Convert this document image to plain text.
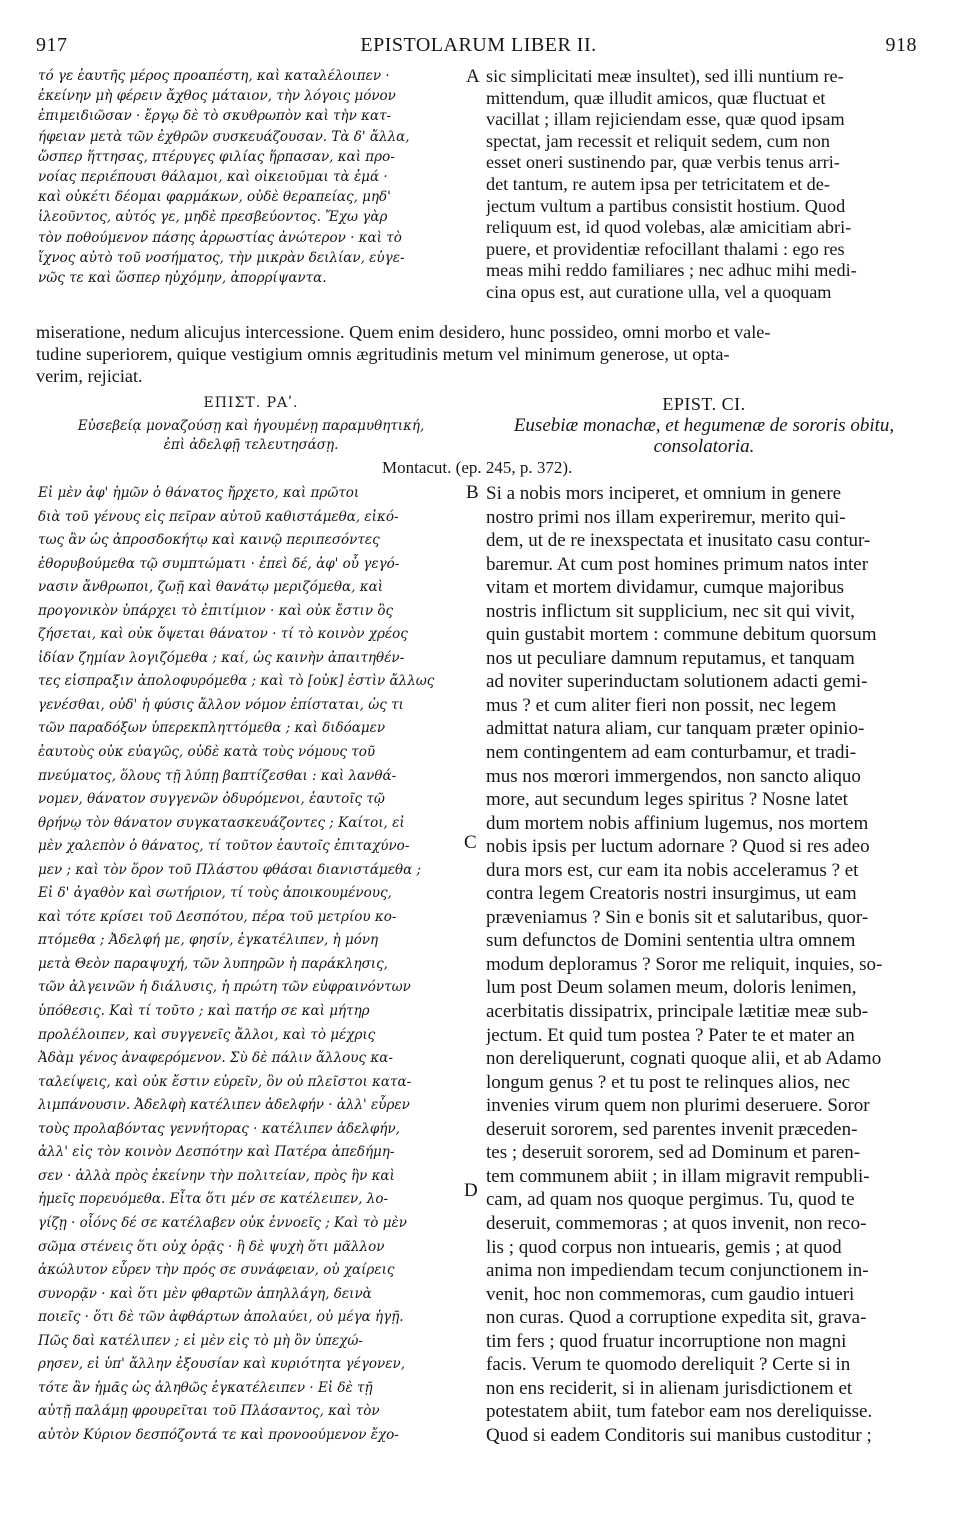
917	EPISTOLARUM LIBER II.	918
τό γε ἑαυτῆς μέρος προαπέστη, καὶ καταλέλοιπεν ·
ἐκείνην μὴ φέρειν ἄχθος μάταιον, τὴν λόγοις μόνον
ἐπιμειδιῶσαν · ἔργῳ δὲ τὸ σκυθρωπὸν καὶ τὴν κατ-
ήφειαν μετὰ τῶν ἐχθρῶν συσκευάζουσαν. Τὰ δ' ἄλλα,
ὥσπερ ἥττησας, πτέρυγες φιλίας ἥρπασαν, καὶ προ-
νοίας περιέπουσι θάλαμοι, καὶ οἰκειοῦμαι τὰ ἐμά ·
καὶ οὐκέτι δέομαι φαρμάκων, οὐδὲ θεραπείας, μηδ'
ἱλεοῦντος, αὐτός γε, μηδὲ πρεσβεύοντος. Ἔχω γὰρ
τὸν ποθούμενον πάσης ἀρρωστίας ἀνώτερον · καὶ τὸ
ἴχνος αὐτὸ τοῦ νοσήματος, τὴν μικρὰν δειλίαν, εὐγε-
νῶς τε καὶ ὥσπερ ηὐχόμην, ἀπορρίψαντα.
sic simplicitati meæ insultet), sed illi nuntium re-
mittendum, quæ illudit amicos, quæ fluctuat et
vacillat ; illam rejiciendam esse, quæ quod ipsam
spectat, jam recessit et reliquit sedem, cum non
esset oneri sustinendo par, quæ verbis tenus arri-
det tantum, re autem ipsa per tetricitatem et de-
jectum vultum a partibus consistit hostium. Quod
reliquum est, id quod volebas, alæ amicitiam abri-
puere, et providentiæ refocillant thalami : ego res
meas mihi reddo familiares ; nec adhuc mihi medi-
cina opus est, aut curatione ulla, vel a quoquam
A
miseratione, nedum alicujus intercessione. Quem enim desidero, hunc possideo, omni morbo et vale-
tudine superiorem, quique vestigium omnis ægritudinis metum vel minimum generose, ut opta-
verim, rejiciat.
ΕΠΙΣΤ. ΡΑʹ.	EPIST. CI.
Εὐσεβείᾳ μοναζούσῃ καὶ ἡγουμένῃ παραμυθητική,
ἐπὶ ἀδελφῇ τελευτησάσῃ.
Eusebiæ monachæ, et hegumenæ de sororis obitu,
consolatoria.
Montacut. (ep. 245, p. 372).
Εἰ μὲν ἀφ' ἡμῶν ὁ θάνατος ἤρχετο, καὶ πρῶτοι
διὰ τοῦ γένους εἰς πεῖραν αὐτοῦ καθιστάμεθα, εἰκό-
τως ἂν ὡς ἀπροσδοκήτῳ καὶ καινῷ περιπεσόντες
ἐθορυβούμεθα τῷ συμπτώματι · ἐπεὶ δέ, ἀφ' οὗ γεγό-
νασιν ἄνθρωποι, ζωῇ καὶ θανάτῳ μεριζόμεθα, καὶ
προγονικὸν ὑπάρχει τὸ ἐπιτίμιον · καὶ οὐκ ἔστιν ὃς
ζήσεται, καὶ οὐκ ὄψεται θάνατον · τί τὸ κοινὸν χρέος
ἰδίαν ζημίαν λογιζόμεθα ; καί, ὡς καινὴν ἀπαιτηθέν-
τες εἰσπραξιν ἀπολοφυρόμεθα ; καὶ τὸ [οὐκ] ἐστὶν ἄλλως
γενέσθαι, οὐδ' ἡ φύσις ἄλλον νόμον ἐπίσταται, ὡς τι
τῶν παραδόξων ὑπερεκπληττόμεθα ; καὶ διδόαμεν
ἑαυτοὺς οὐκ εὐαγῶς, οὐδὲ κατὰ τοὺς νόμους τοῦ
πνεύματος, ὅλους τῇ λύπῃ βαπτίζεσθαι : καὶ λανθά-
νομεν, θάνατον συγγενῶν ὀδυρόμενοι, ἑαυτοῖς τῷ
θρήνῳ τὸν θάνατον συγκατασκευάζοντες ; Καίτοι, εἰ
μὲν χαλεπὸν ὁ θάνατος, τί τοῦτον ἑαυτοῖς ἐπιταχύνο-
μεν ; καὶ τὸν ὅρον τοῦ Πλάστου φθάσαι διανιστάμεθα ;
Εἰ δ' ἀγαθὸν καὶ σωτήριον, τί τοὺς ἀποικουμένους,
καὶ τότε κρίσει τοῦ Δεσπότου, πέρα τοῦ μετρίου κο-
πτόμεθα ; Ἀδελφή με, φησίν, ἐγκατέλιπεν, ἡ μόνη
μετὰ Θεὸν παραψυχή, τῶν λυπηρῶν ἡ παράκλησις,
τῶν ἀλγεινῶν ἡ διάλυσις, ἡ πρώτη τῶν εὐφραινόντων
ὑπόθεσις. Καὶ τί τοῦτο ; καὶ πατήρ σε καὶ μήτηρ
προλέλοιπεν, καὶ συγγενεῖς ἄλλοι, καὶ τὸ μέχρις
Ἀδὰμ γένος ἀναφερόμενον. Σὺ δὲ πάλιν ἄλλους κα-
ταλείψεις, καὶ οὐκ ἔστιν εὑρεῖν, ὃν οὐ πλεῖστοι κατα-
λιμπάνουσιν. Ἀδελφὴ κατέλιπεν ἀδελφήν · ἀλλ' εὗρεν
τοὺς προλαβόντας γεννήτορας · κατέλιπεν ἀδελφήν,
ἀλλ' εἰς τὸν κοινὸν Δεσπότην καὶ Πατέρα ἀπεδήμη-
σεν · ἀλλὰ πρὸς ἐκείνην τὴν πολιτείαν, πρὸς ἣν καὶ
ἡμεῖς πορευόμεθα. Εἶτα ὅτι μέν σε κατέλειπεν, λο-
γίζῃ · οἷόνς δέ σε κατέλαβεν οὐκ ἐννοεῖς ; Καὶ τὸ μὲν
σῶμα στένεις ὅτι οὐχ ὁρᾷς · ἣ δὲ ψυχὴ ὅτι μᾶλλον
ἀκώλυτον εὗρεν τὴν πρός σε συνάφειαν, οὐ χαίρεις
συνορᾷν · καὶ ὅτι μὲν φθαρτῶν ἀπηλλάγη, δεινὰ
ποιεῖς · ὅτι δὲ τῶν ἀφθάρτων ἀπολαύει, οὐ μέγα ἡγῇ.
Πῶς δαὶ κατέλιπεν ; εἰ μὲν εἰς τὸ μὴ ὂν ὑπεχώ-
ρησεν, εἰ ὑπ' ἄλλην ἐξουσίαν καὶ κυριότητα γέγονεν,
τότε ἂν ἡμᾶς ὡς ἀληθῶς ἐγκατέλειπεν · Εἰ δὲ τῇ
αὐτῇ παλάμῃ φρουρεῖται τοῦ Πλάσαντος, καὶ τὸν
αὐτὸν Κύριον δεσπόζοντά τε καὶ προνοούμενον ἔχο-
Si a nobis mors inciperet, et omnium in genere
nostro primi nos illam experiremur, merito qui-
dem, ut de re inexspectata et inusitato casu contur-
baremur. At cum post homines primum natos inter
vitam et mortem dividamur, cumque majoribus
nostris inflictum sit supplicium, nec sit qui vivit,
quin gustabit mortem : commune debitum quorsum
nos ut peculiare damnum reputamus, et tanquam
ad noviter superinductam solutionem adacti gemi-
mus ? et cum aliter fieri non possit, nec legem
admittat natura aliam, cur tanquam præter opinio-
nem contingentem ad eam conturbamur, et tradi-
mus nos mœrori immergendos, non sancto aliquo
more, aut secundum leges spiritus ? Nosne latet
dum mortem nobis affinium lugemus, nos mortem
nobis ipsis per luctum adornare ? Quod si res adeo
dura mors est, cur eam ita nobis acceleramus ? et
contra legem Creatoris nostri insurgimus, ut eam
præveniamus ? Sin e bonis sit et salutaribus, quor-
sum defunctos de Domini sententia ultra omnem
modum deploramus ? Soror me reliquit, inquies, so-
lum post Deum solamen meum, doloris lenimen,
acerbitatis dissipatrix, principale lætitiæ meæ sub-
jectum. Et quid tum postea ? Pater te et mater an
non dereliquerunt, cognati quoque alii, et ab Adamo
longum genus ? et tu post te relinques alios, nec
invenies virum quem non plurimi deseruere. Soror
deseruit sororem, sed parentes invenit præceden-
tes ; deseruit sororem, sed ad Dominum et paren-
tem communem abiit ; in illam migravit rempubli-
cam, ad quam nos quoque pergimus. Tu, quod te
deseruit, commemoras ; at quos invenit, non reco-
lis ; quod corpus non intuearis, gemis ; at quod
anima non impediendam tecum conjunctionem in-
venit, hoc non commemoras, cum gaudio intueri
non curas. Quod a corruptione expedita sit, gravа-
tim fers ; quod fruatur incorruptione non magni
facis. Verum te quomodo dereliquit ? Certe si in
non ens reciderit, si in alienam jurisdictionem et
potestatem abiit, tum fatebor eam nos dereliquisse.
Quod si eadem Conditoris sui manibus custoditur ;
B
C
D
